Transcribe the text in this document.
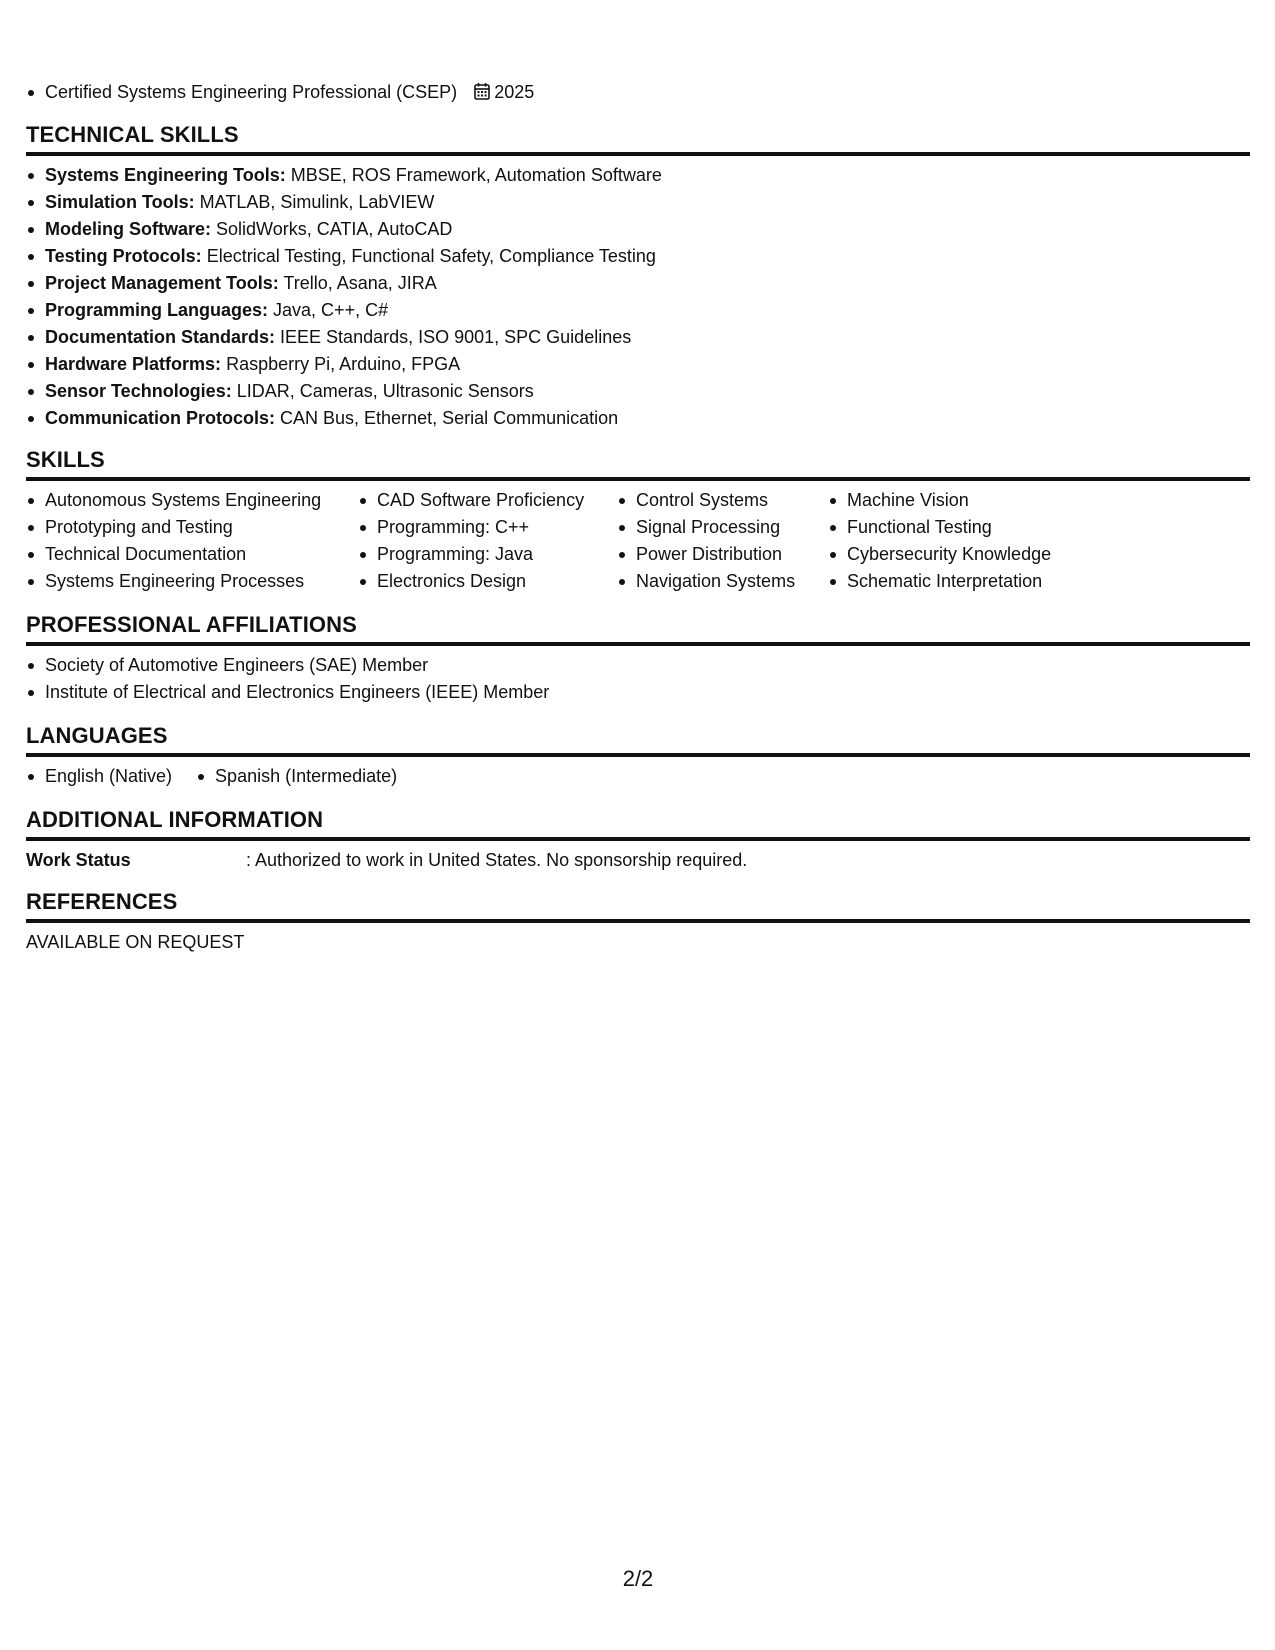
Certified Systems Engineering Professional (CSEP) 2025
TECHNICAL SKILLS
Systems Engineering Tools: MBSE, ROS Framework, Automation Software
Simulation Tools: MATLAB, Simulink, LabVIEW
Modeling Software: SolidWorks, CATIA, AutoCAD
Testing Protocols: Electrical Testing, Functional Safety, Compliance Testing
Project Management Tools: Trello, Asana, JIRA
Programming Languages: Java, C++, C#
Documentation Standards: IEEE Standards, ISO 9001, SPC Guidelines
Hardware Platforms: Raspberry Pi, Arduino, FPGA
Sensor Technologies: LIDAR, Cameras, Ultrasonic Sensors
Communication Protocols: CAN Bus, Ethernet, Serial Communication
SKILLS
Autonomous Systems Engineering
Prototyping and Testing
Technical Documentation
Systems Engineering Processes
CAD Software Proficiency
Programming: C++
Programming: Java
Electronics Design
Control Systems
Signal Processing
Power Distribution
Navigation Systems
Machine Vision
Functional Testing
Cybersecurity Knowledge
Schematic Interpretation
PROFESSIONAL AFFILIATIONS
Society of Automotive Engineers (SAE) Member
Institute of Electrical and Electronics Engineers (IEEE) Member
LANGUAGES
English (Native)	Spanish (Intermediate)
ADDITIONAL INFORMATION
Work Status	: Authorized to work in United States. No sponsorship required.
REFERENCES
AVAILABLE ON REQUEST
2/2
